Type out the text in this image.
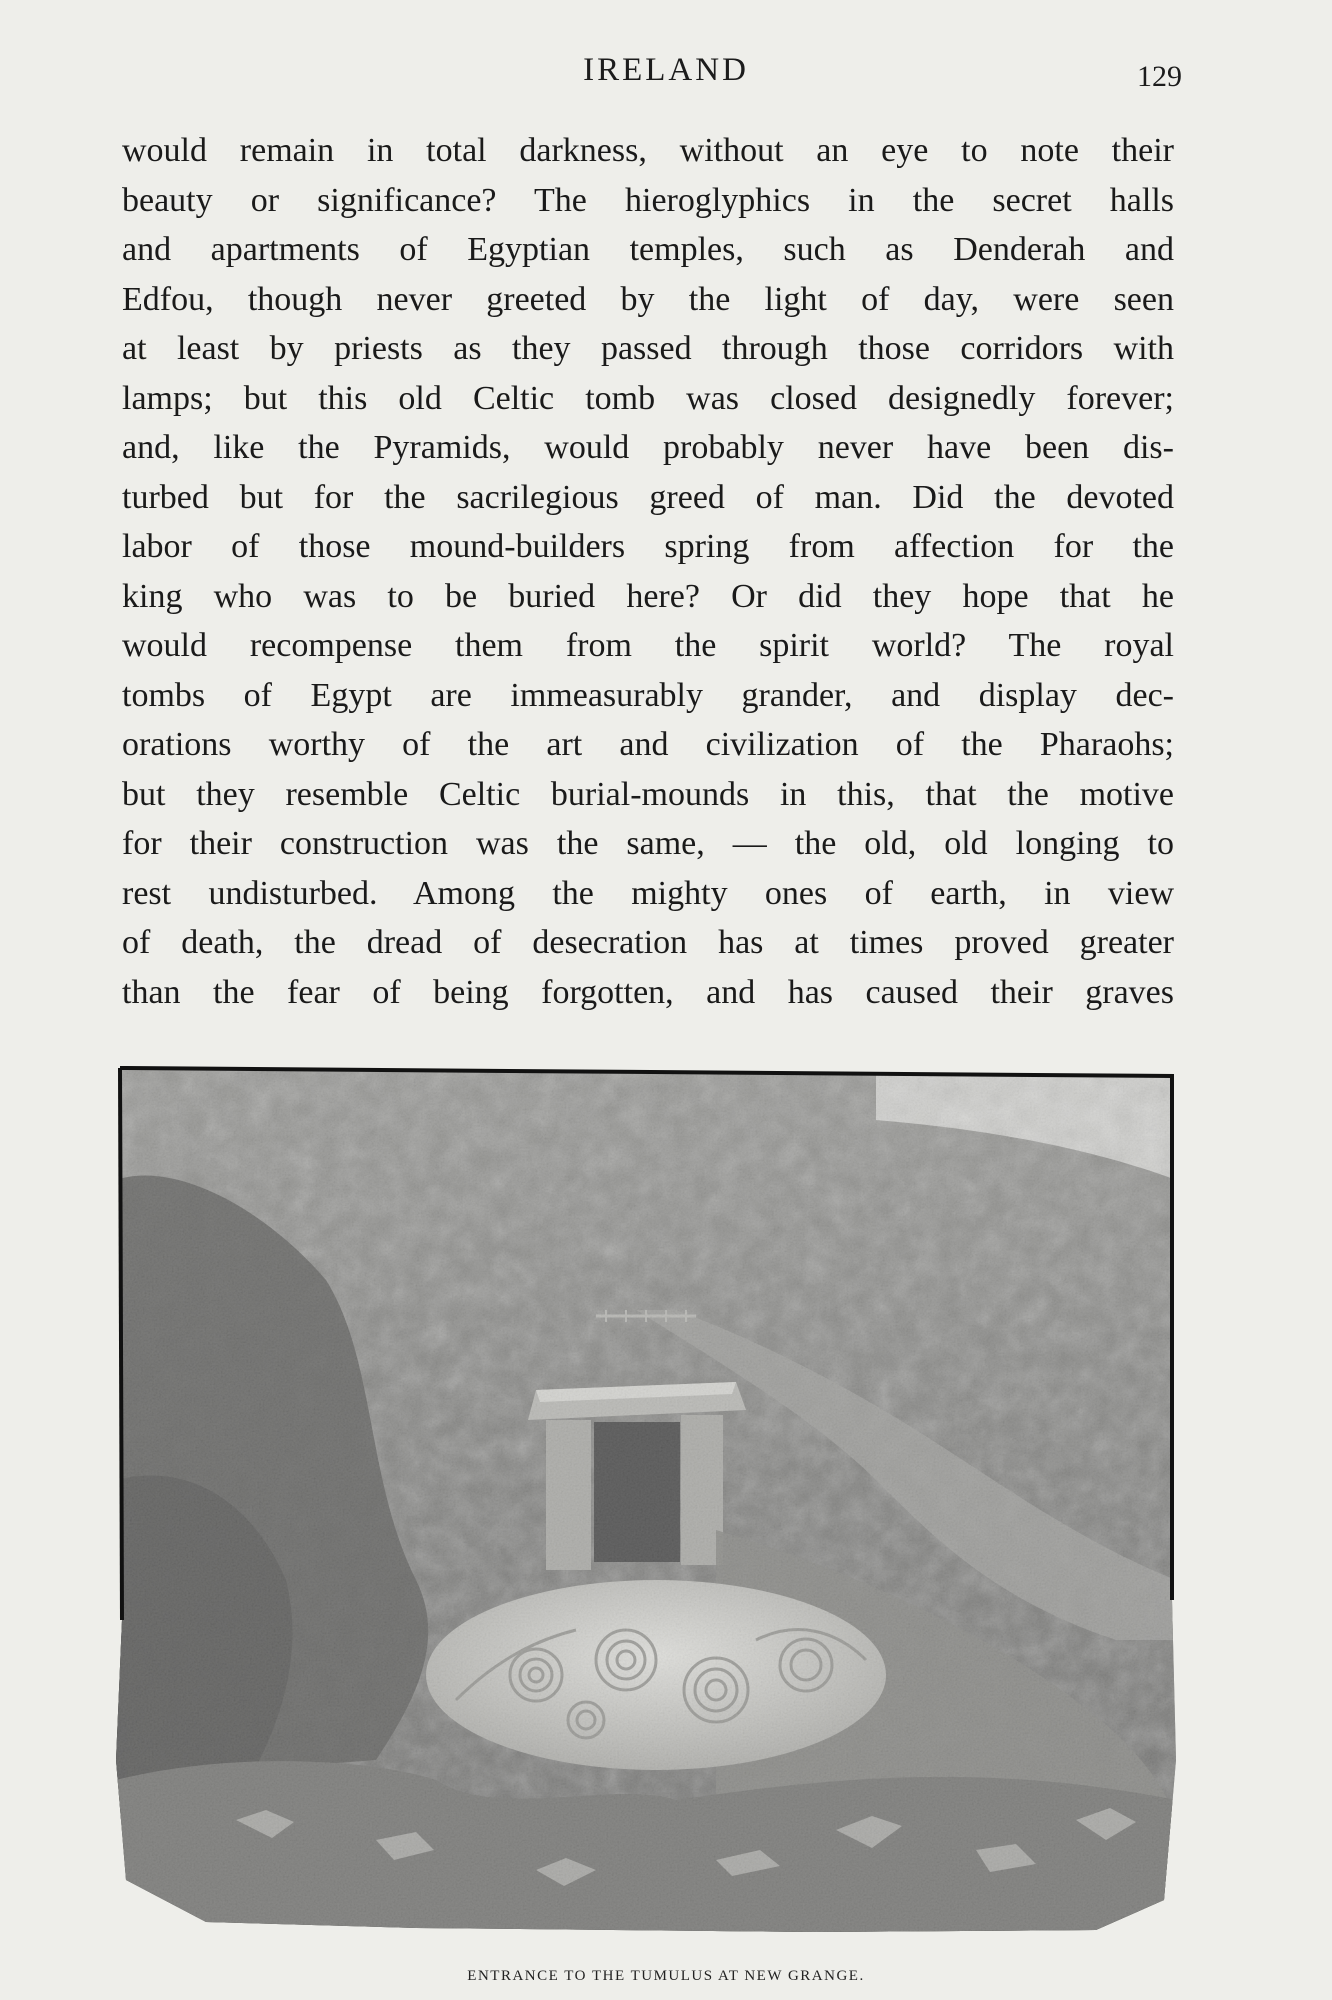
IRELAND	129
would remain in total darkness, without an eye to note their
beauty or significance? The hieroglyphics in the secret halls
and apartments of Egyptian temples, such as Denderah and
Edfou, though never greeted by the light of day, were seen
at least by priests as they passed through those corridors with
lamps; but this old Celtic tomb was closed designedly forever;
and, like the Pyramids, would probably never have been dis-
turbed but for the sacrilegious greed of man. Did the devoted
labor of those mound-builders spring from affection for the
king who was to be buried here? Or did they hope that he
would recompense them from the spirit world? The royal
tombs of Egypt are immeasurably grander, and display dec-
orations worthy of the art and civilization of the Pharaohs;
but they resemble Celtic burial-mounds in this, that the motive
for their construction was the same, — the old, old longing to
rest undisturbed. Among the mighty ones of earth, in view
of death, the dread of desecration has at times proved greater
than the fear of being forgotten, and has caused their graves
ENTRANCE TO THE TUMULUS AT NEW GRANGE.
